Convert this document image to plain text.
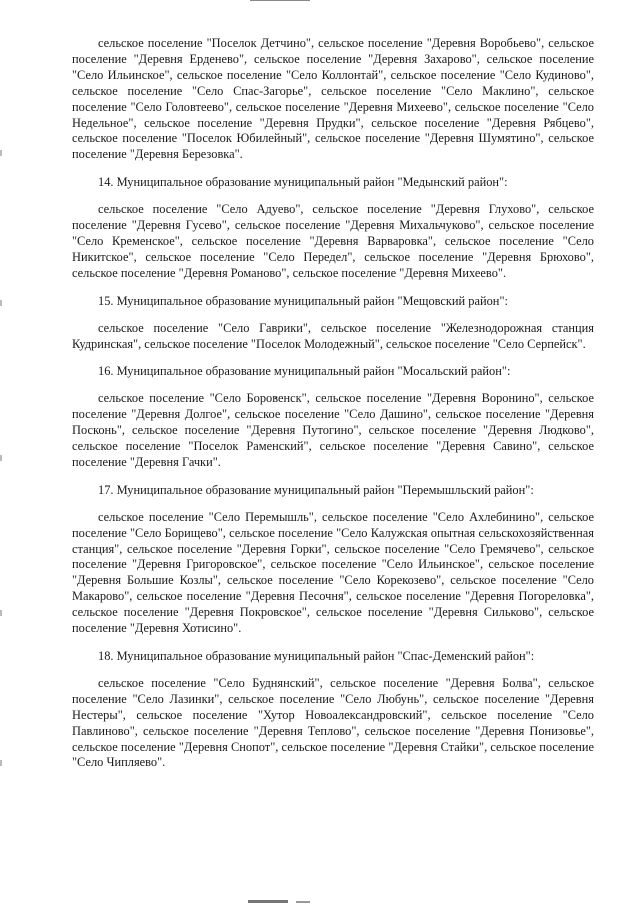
сельское поселение "Поселок Детчино", сельское поселение "Деревня Воробьево", сельское поселение "Деревня Ерденево", сельское поселение "Деревня Захарово", сельское поселение "Село Ильинское", сельское поселение "Село Коллонтай", сельское поселение "Село Кудиново", сельское поселение "Село Спас-Загорье", сельское поселение "Село Маклино", сельское поселение "Село Головтеево", сельское поселение "Деревня Михеево", сельское поселение "Село Недельное", сельское поселение "Деревня Прудки", сельское поселение "Деревня Рябцево", сельское поселение "Поселок Юбилейный", сельское поселение "Деревня Шумятино", сельское поселение "Деревня Березовка".

14. Муниципальное образование муниципальный район "Медынский район":

сельское поселение "Село Адуево", сельское поселение "Деревня Глухово", сельское поселение "Деревня Гусево", сельское поселение "Деревня Михальчуково", сельское поселение "Село Кременское", сельское поселение "Деревня Варваровка", сельское поселение "Село Никитское", сельское поселение "Село Передел", сельское поселение "Деревня Брюхово", сельское поселение "Деревня Романово", сельское поселение "Деревня Михеево".

15. Муниципальное образование муниципальный район "Мещовский район":

сельское поселение "Село Гаврики", сельское поселение "Железнодорожная станция Кудринская", сельское поселение "Поселок Молодежный", сельское поселение "Село Серпейск".

16. Муниципальное образование муниципальный район "Мосальский район":

сельское поселение "Село Боровенск", сельское поселение "Деревня Воронино", сельское поселение "Деревня Долгое", сельское поселение "Село Дашино", сельское поселение "Деревня Посконь", сельское поселение "Деревня Путогино", сельское поселение "Деревня Людково", сельское поселение "Поселок Раменский", сельское поселение "Деревня Савино", сельское поселение "Деревня Гачки".

17. Муниципальное образование муниципальный район "Перемышльский район":

сельское поселение "Село Перемышль", сельское поселение "Село Ахлебинино", сельское поселение "Село Борищево", сельское поселение "Село Калужская опытная сельскохозяйственная станция", сельское поселение "Деревня Горки", сельское поселение "Село Гремячево", сельское поселение "Деревня Григоровское", сельское поселение "Село Ильинское", сельское поселение "Деревня Большие Козлы", сельское поселение "Село Корекозево", сельское поселение "Село Макарово", сельское поселение "Деревня Песочня", сельское поселение "Деревня Погореловка", сельское поселение "Деревня Покровское", сельское поселение "Деревня Сильково", сельское поселение "Деревня Хотисино".

18. Муниципальное образование муниципальный район "Спас-Деменский район":

сельское поселение "Село Буднянский", сельское поселение "Деревня Болва", сельское поселение "Село Лазинки", сельское поселение "Село Любунь", сельское поселение "Деревня Нестеры", сельское поселение "Хутор Новоалександровский", сельское поселение "Село Павлиново", сельское поселение "Деревня Теплово", сельское поселение "Деревня Понизовье", сельское поселение "Деревня Снопот", сельское поселение "Деревня Стайки", сельское поселение "Село Чипляево".
